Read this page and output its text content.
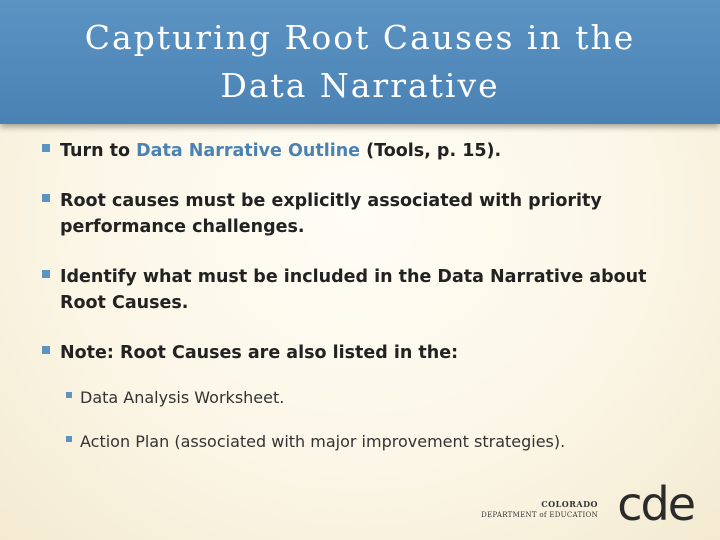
Capturing Root Causes in the
Data Narrative
Turn to Data Narrative Outline (Tools, p. 15).
Root causes must be explicitly associated with priority performance challenges.
Identify what must be included in the Data Narrative about Root Causes.
Note: Root Causes are also listed in the:
Data Analysis Worksheet.
Action Plan (associated with major improvement strategies).
COLORADO
DEPARTMENT of EDUCATION cde
